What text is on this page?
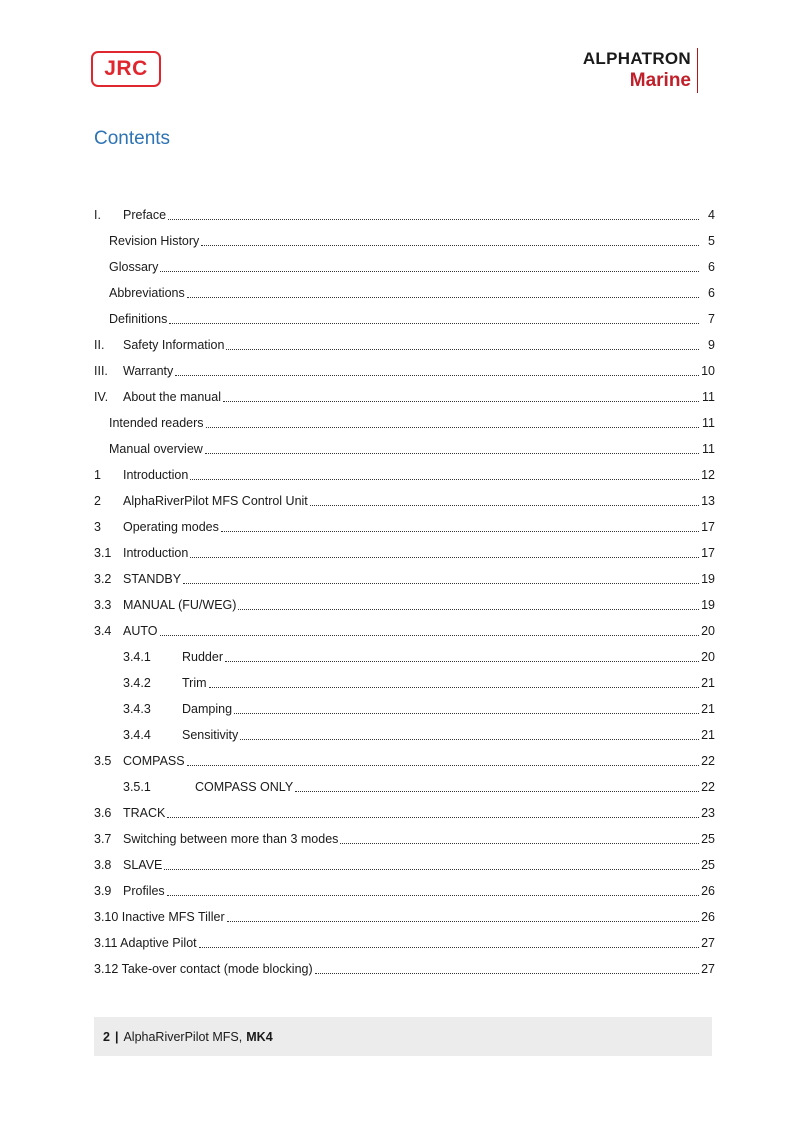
JRC	ALPHATRON
Marine
Contents
I.	Preface	4
Revision History	5
Glossary	6
Abbreviations	6
Definitions	7
II.	Safety Information	9
III.	Warranty	10
IV.	About the manual	11
Intended readers	11
Manual overview	11
1	Introduction	12
2	AlphaRiverPilot MFS Control Unit	13
3	Operating modes	17
3.1 Introduction	17
3.2 STANDBY	19
3.3 MANUAL (FU/WEG)	19
3.4 AUTO	20
3.4.1	Rudder	20
3.4.2	Trim	21
3.4.3	Damping	21
3.4.4	Sensitivity	21
3.5 COMPASS	22
3.5.1	COMPASS ONLY	22
3.6 TRACK	23
3.7 Switching between more than 3 modes	25
3.8 SLAVE	25
3.9 Profiles	26
3.10 Inactive MFS Tiller	26
3.11 Adaptive Pilot	27
3.12 Take-over contact (mode blocking)	27
2 | AlphaRiverPilot MFS, MK4
